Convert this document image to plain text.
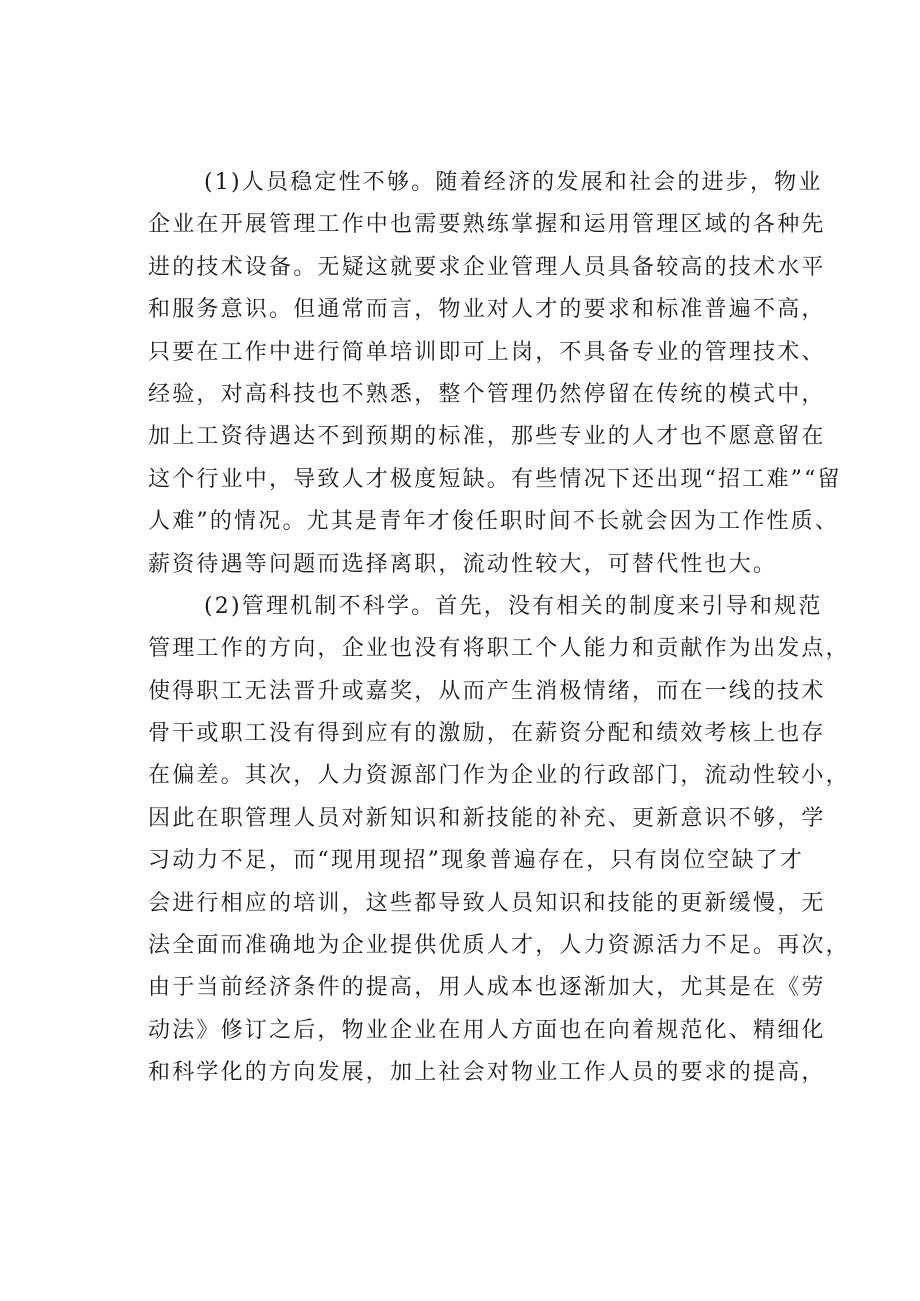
(1)人员稳定性不够。随着经济的发展和社会的进步，物业
企业在开展管理工作中也需要熟练掌握和运用管理区域的各种先
进的技术设备。无疑这就要求企业管理人员具备较高的技术水平
和服务意识。但通常而言，物业对人才的要求和标准普遍不高，
只要在工作中进行简单培训即可上岗，不具备专业的管理技术、
经验，对高科技也不熟悉，整个管理仍然停留在传统的模式中，
加上工资待遇达不到预期的标准，那些专业的人才也不愿意留在
这个行业中，导致人才极度短缺。有些情况下还出现“招工难”“留
人难”的情况。尤其是青年才俊任职时间不长就会因为工作性质、
薪资待遇等问题而选择离职，流动性较大，可替代性也大。
(2)管理机制不科学。首先，没有相关的制度来引导和规范
管理工作的方向，企业也没有将职工个人能力和贡献作为出发点，
使得职工无法晋升或嘉奖，从而产生消极情绪，而在一线的技术
骨干或职工没有得到应有的激励，在薪资分配和绩效考核上也存
在偏差。其次，人力资源部门作为企业的行政部门，流动性较小，
因此在职管理人员对新知识和新技能的补充、更新意识不够，学
习动力不足，而“现用现招”现象普遍存在，只有岗位空缺了才
会进行相应的培训，这些都导致人员知识和技能的更新缓慢，无
法全面而准确地为企业提供优质人才，人力资源活力不足。再次，
由于当前经济条件的提高，用人成本也逐渐加大，尤其是在《劳
动法》修订之后，物业企业在用人方面也在向着规范化、精细化
和科学化的方向发展，加上社会对物业工作人员的要求的提高，
